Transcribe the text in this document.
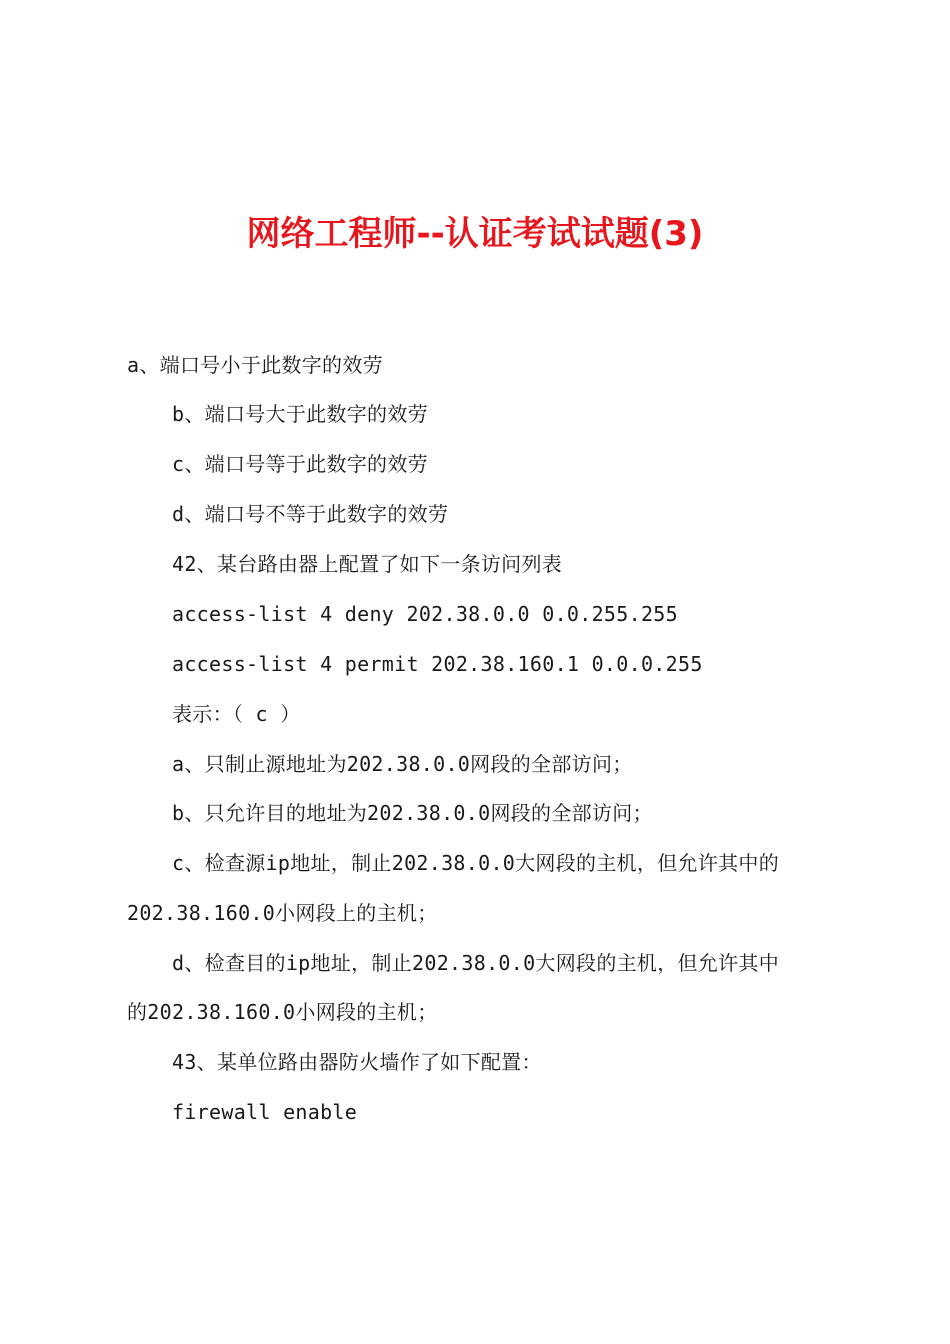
网络工程师--认证考试试题(3)
a、端口号小于此数字的效劳
b、端口号大于此数字的效劳
c、端口号等于此数字的效劳
d、端口号不等于此数字的效劳
42、某台路由器上配置了如下一条访问列表
access-list 4 deny 202.38.0.0 0.0.255.255
access-list 4 permit 202.38.160.1 0.0.0.255
表示：（ c ）
a、只制止源地址为202.38.0.0网段的全部访问；
b、只允许目的地址为202.38.0.0网段的全部访问；
c、检查源ip地址，制止202.38.0.0大网段的主机，但允许其中的
202.38.160.0小网段上的主机；
d、检查目的ip地址，制止202.38.0.0大网段的主机，但允许其中
的202.38.160.0小网段的主机；
43、某单位路由器防火墙作了如下配置：
firewall enable
